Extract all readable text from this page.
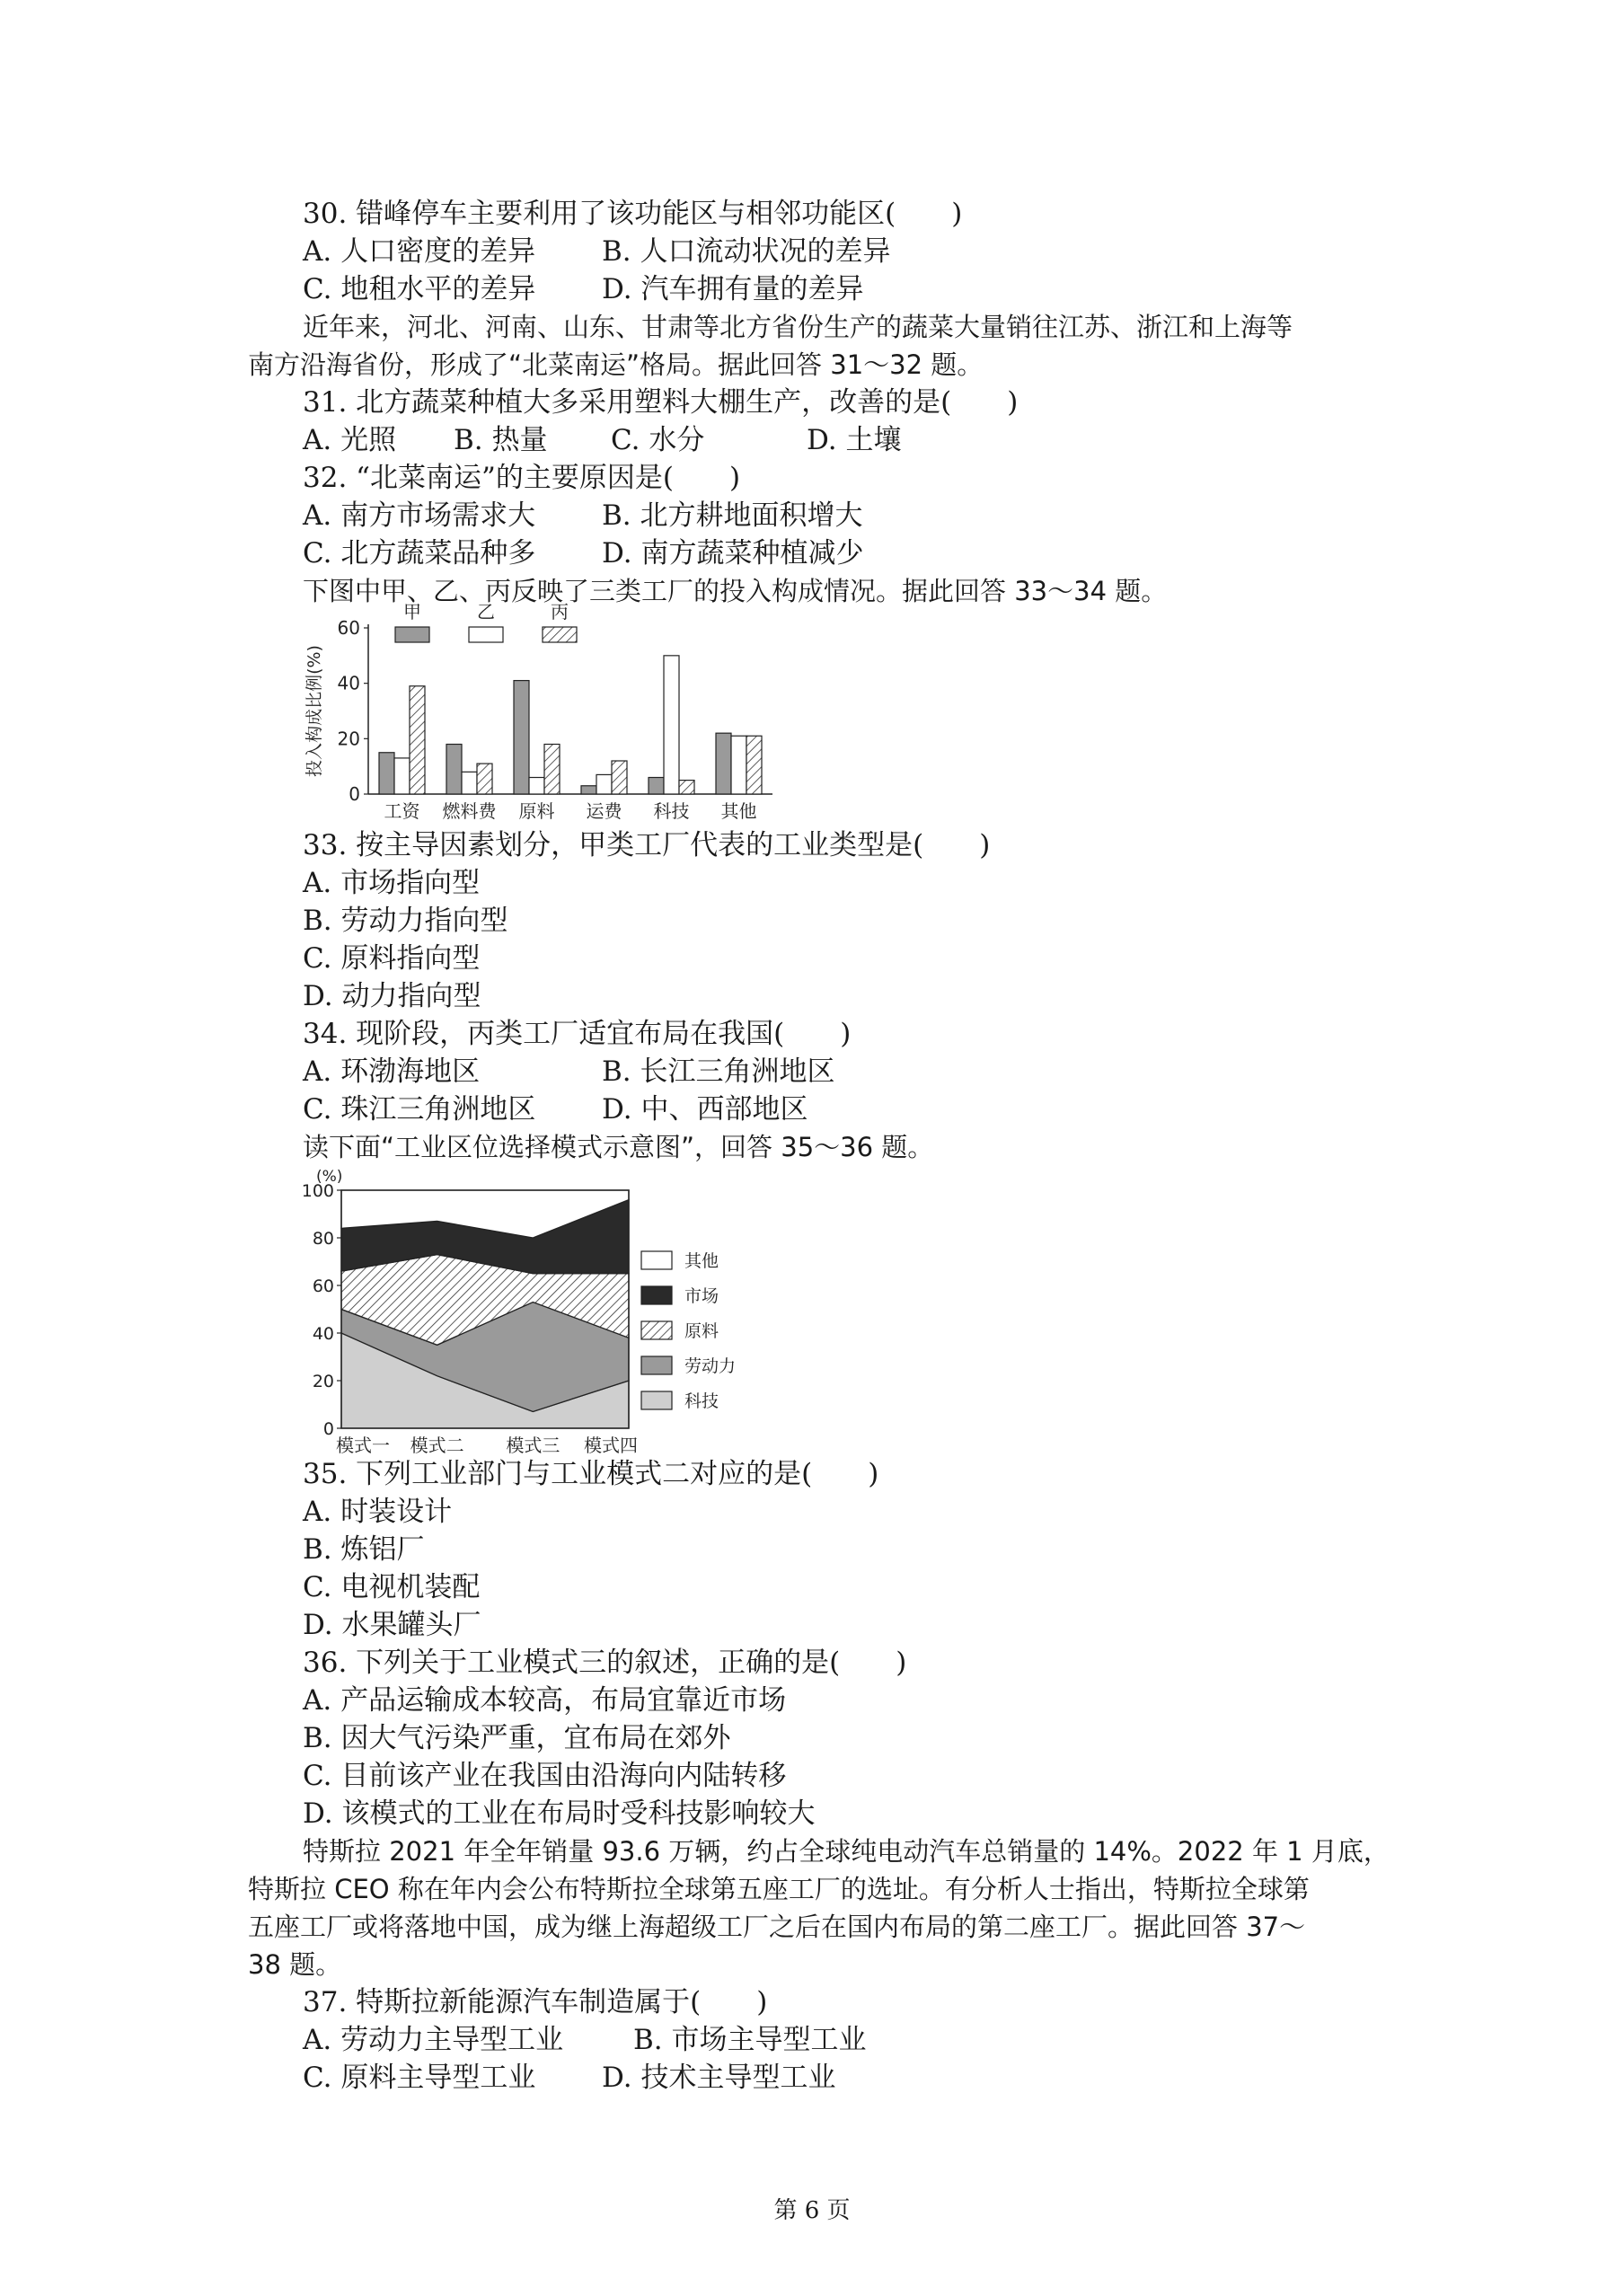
30. 错峰停车主要利用了该功能区与相邻功能区(　　)
A. 人口密度的差异 B. 人口流动状况的差异
C. 地租水平的差异 D. 汽车拥有量的差异
近年来，河北、河南、山东、甘肃等北方省份生产的蔬菜大量销往江苏、浙江和上海等
南方沿海省份，形成了“北菜南运”格局。据此回答 31～32 题。
31. 北方蔬菜种植大多采用塑料大棚生产，改善的是(　　)
A. 光照 B. 热量 C. 水分	D. 土壤
32. “北菜南运”的主要原因是(　　)
A. 南方市场需求大 B. 北方耕地面积增大
C. 北方蔬菜品种多 D. 南方蔬菜种植减少
下图中甲、乙、丙反映了三类工厂的投入构成情况。据此回答 33～34 题。
投入构成比例(%)
0
20
40
60
工资 燃料费 原料 运费 科技 其他
甲	乙	丙
33. 按主导因素划分，甲类工厂代表的工业类型是(　　)
A. 市场指向型
B. 劳动力指向型
C. 原料指向型
D. 动力指向型
34. 现阶段，丙类工厂适宜布局在我国(　　)
A. 环渤海地区	B. 长江三角洲地区
C. 珠江三角洲地区 D. 中、西部地区
读下面“工业区位选择模式示意图”，回答 35～36 题。
(%)
0
20
40
60
80
100
模式一 模式二 模式三 模式四
其他
市场
原料
劳动力
科技
35. 下列工业部门与工业模式二对应的是(　　)
A. 时装设计
B. 炼铝厂
C. 电视机装配
D. 水果罐头厂
36. 下列关于工业模式三的叙述，正确的是(　　)
A. 产品运输成本较高，布局宜靠近市场
B. 因大气污染严重，宜布局在郊外
C. 目前该产业在我国由沿海向内陆转移
D. 该模式的工业在布局时受科技影响较大
特斯拉 2021 年全年销量 93.6 万辆，约占全球纯电动汽车总销量的 14%。2022 年 1 月底，
特斯拉 CEO 称在年内会公布特斯拉全球第五座工厂的选址。有分析人士指出，特斯拉全球第
五座工厂或将落地中国，成为继上海超级工厂之后在国内布局的第二座工厂。据此回答 37～
38 题。
37. 特斯拉新能源汽车制造属于(　　)
A. 劳动力主导型工业	B. 市场主导型工业
C. 原料主导型工业 D. 技术主导型工业
第 6 页
